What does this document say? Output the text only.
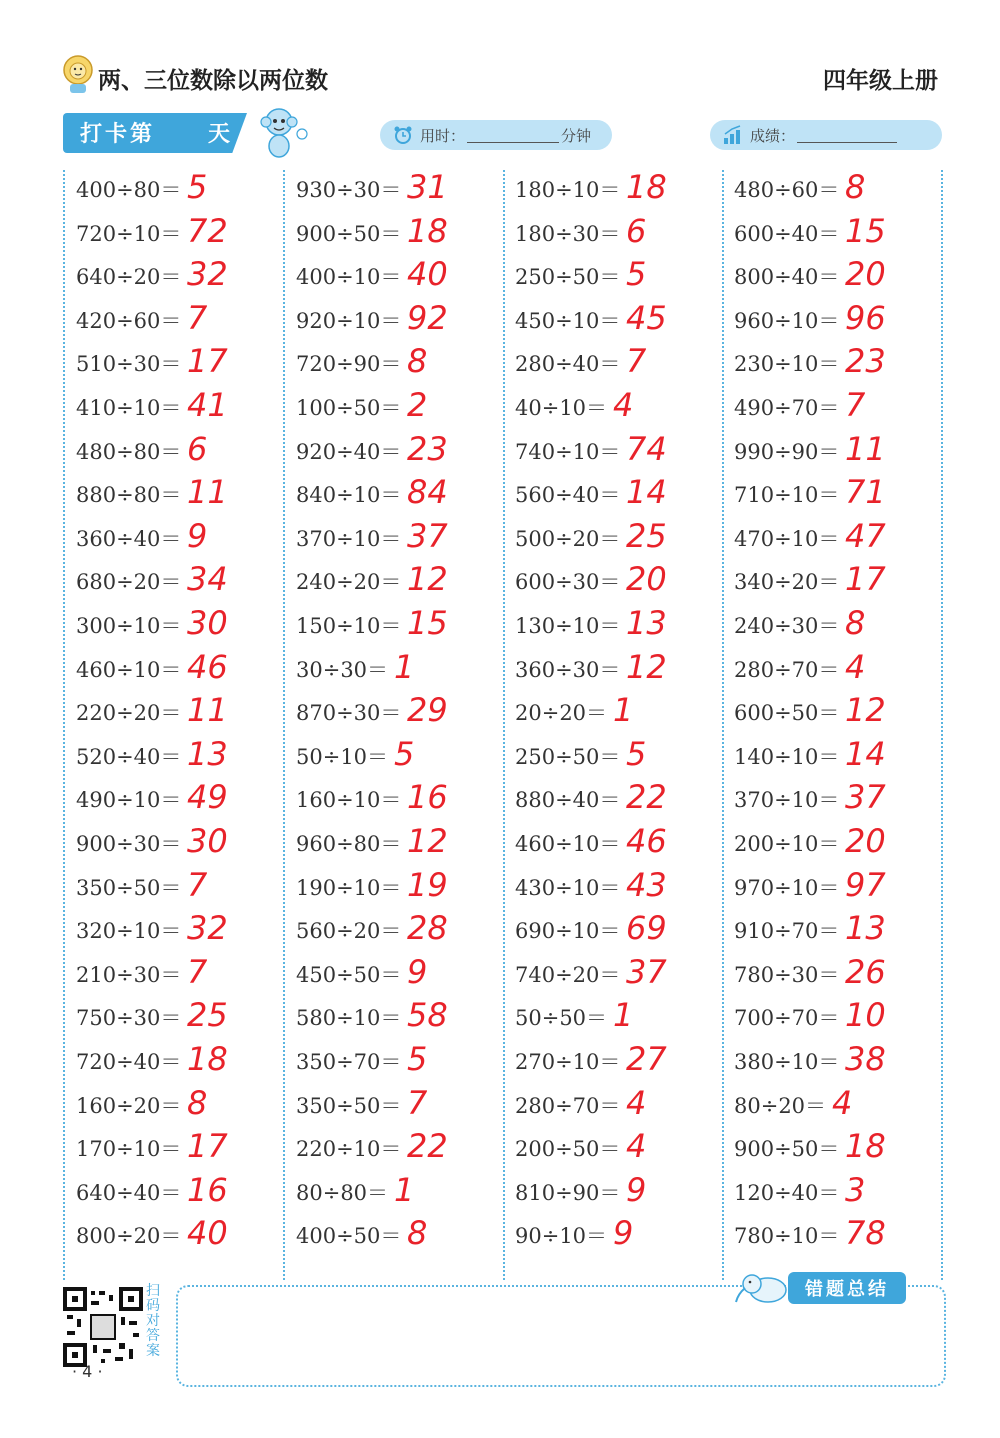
两、三位数除以两位数	四年级上册
打卡第 天	用时：	分钟	成绩：
400÷80＝ 5
720÷10＝ 72
640÷20＝ 32
420÷60＝ 7
510÷30＝ 17
410÷10＝ 41
480÷80＝ 6
880÷80＝ 11
360÷40＝ 9
680÷20＝ 34
300÷10＝ 30
460÷10＝ 46
220÷20＝ 11
520÷40＝ 13
490÷10＝ 49
900÷30＝ 30
350÷50＝ 7
320÷10＝ 32
210÷30＝ 7
750÷30＝ 25
720÷40＝ 18
160÷20＝ 8
170÷10＝ 17
640÷40＝ 16
800÷20＝ 40
930÷30＝ 31
900÷50＝ 18
400÷10＝ 40
920÷10＝ 92
720÷90＝ 8
100÷50＝ 2
920÷40＝ 23
840÷10＝ 84
370÷10＝ 37
240÷20＝ 12
150÷10＝ 15
30÷30＝ 1
870÷30＝ 29
50÷10＝ 5
160÷10＝ 16
960÷80＝ 12
190÷10＝ 19
560÷20＝ 28
450÷50＝ 9
580÷10＝ 58
350÷70＝ 5
350÷50＝ 7
220÷10＝ 22
80÷80＝ 1
400÷50＝ 8
180÷10＝ 18
180÷30＝ 6
250÷50＝ 5
450÷10＝ 45
280÷40＝ 7
40÷10＝ 4
740÷10＝ 74
560÷40＝ 14
500÷20＝ 25
600÷30＝ 20
130÷10＝ 13
360÷30＝ 12
20÷20＝ 1
250÷50＝ 5
880÷40＝ 22
460÷10＝ 46
430÷10＝ 43
690÷10＝ 69
740÷20＝ 37
50÷50＝ 1
270÷10＝ 27
280÷70＝ 4
200÷50＝ 4
810÷90＝ 9
90÷10＝ 9
480÷60＝ 8
600÷40＝ 15
800÷40＝ 20
960÷10＝ 96
230÷10＝ 23
490÷70＝ 7
990÷90＝ 11
710÷10＝ 71
470÷10＝ 47
340÷20＝ 17
240÷30＝ 8
280÷70＝ 4
600÷50＝ 12
140÷10＝ 14
370÷10＝ 37
200÷10＝ 20
970÷10＝ 97
910÷70＝ 13
780÷30＝ 26
700÷70＝ 10
380÷10＝ 38
80÷20＝ 4
900÷50＝ 18
120÷40＝ 3
780÷10＝ 78
错题总结
扫码对答案
· 4 ·
